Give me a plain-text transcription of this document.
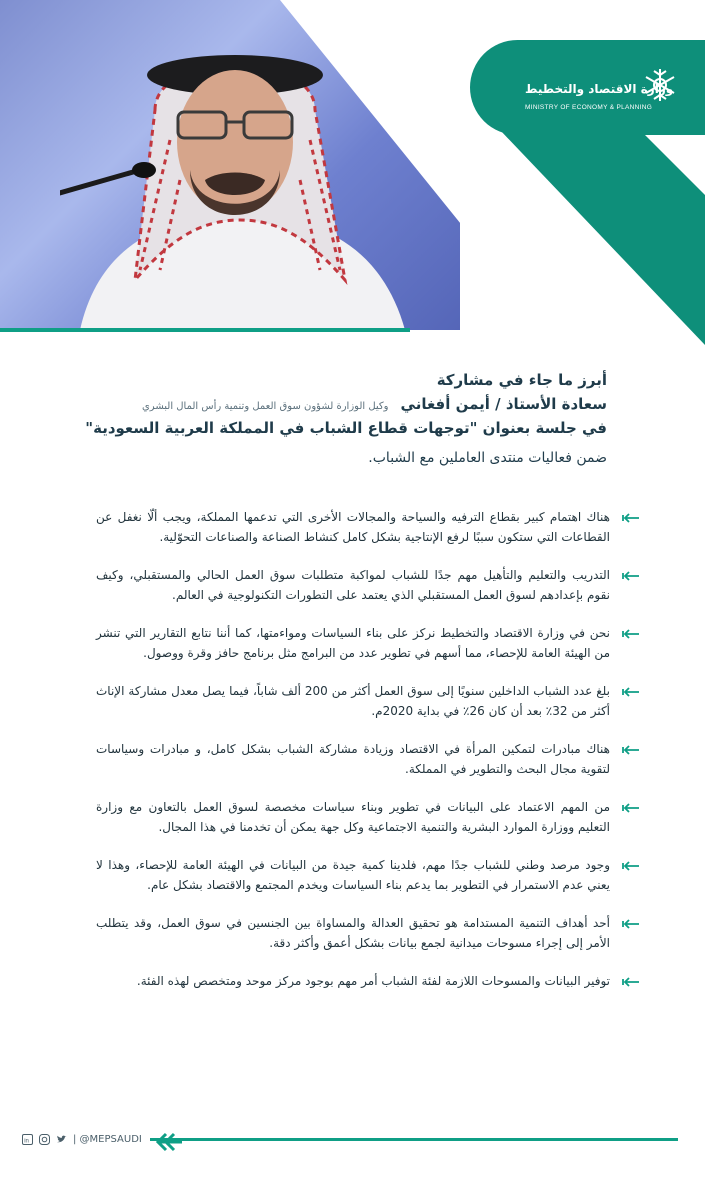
وزارة الاقتصاد والتخطيط
MINISTRY OF ECONOMY & PLANNING
أبرز ما جاء في مشاركة
سعادة الأستاذ / أيمن أفغاني
وكيل الوزارة لشؤون سوق العمل وتنمية رأس المال البشري
في جلسة بعنوان "توجهات قطاع الشباب في المملكة العربية السعودية"
ضمن فعاليات منتدى العاملين مع الشباب.
هناك اهتمام كبير بقطاع الترفيه والسياحة والمجالات الأخرى التي تدعمها المملكة، ويجب ألّا نغفل عن القطاعات التي ستكون سببًا لرفع الإنتاجية بشكل كامل كنشاط الصناعة والصناعات التحوّلية.
التدريب والتعليم والتأهيل مهم جدًا للشباب لمواكبة متطلبات سوق العمل الحالي والمستقبلي، وكيف نقوم بإعدادهم لسوق العمل المستقبلي الذي يعتمد على التطورات التكنولوجية في العالم.
نحن في وزارة الاقتصاد والتخطيط نركز على بناء السياسات ومواءمتها، كما أننا نتابع التقارير التي تنشر من الهيئة العامة للإحصاء، مما أسهم في تطوير عدد من البرامج مثل برنامج حافز وقرة ووصول.
بلغ عدد الشباب الداخلين سنويًا إلى سوق العمل أكثر من 200 ألف شاباً، فيما يصل معدل مشاركة الإناث أكثر من 32٪ بعد أن كان 26٪ في بداية 2020م.
هناك مبادرات لتمكين المرأة في الاقتصاد وزيادة مشاركة الشباب بشكل كامل، و مبادرات وسياسات لتقوية مجال البحث والتطوير في المملكة.
من المهم الاعتماد على البيانات في تطوير وبناء سياسات مخصصة لسوق العمل بالتعاون مع وزارة التعليم ووزارة الموارد البشرية والتنمية الاجتماعية وكل جهة يمكن أن تخدمنا في هذا المجال.
وجود مرصد وطني للشباب جدًا مهم، فلدينا كمية جيدة من البيانات في الهيئة العامة للإحصاء، وهذا لا يعني عدم الاستمرار في التطوير بما يدعم بناء السياسات ويخدم المجتمع والاقتصاد بشكل عام.
أحد أهداف التنمية المستدامة هو تحقيق العدالة والمساواة بين الجنسين في سوق العمل، وقد يتطلب الأمر إلى إجراء مسوحات ميدانية لجمع بيانات بشكل أعمق وأكثر دقة.
توفير البيانات والمسوحات اللازمة لفئة الشباب أمر مهم بوجود مركز موحد ومتخصص لهذه الفئة.
in	| @MEPSAUDI
